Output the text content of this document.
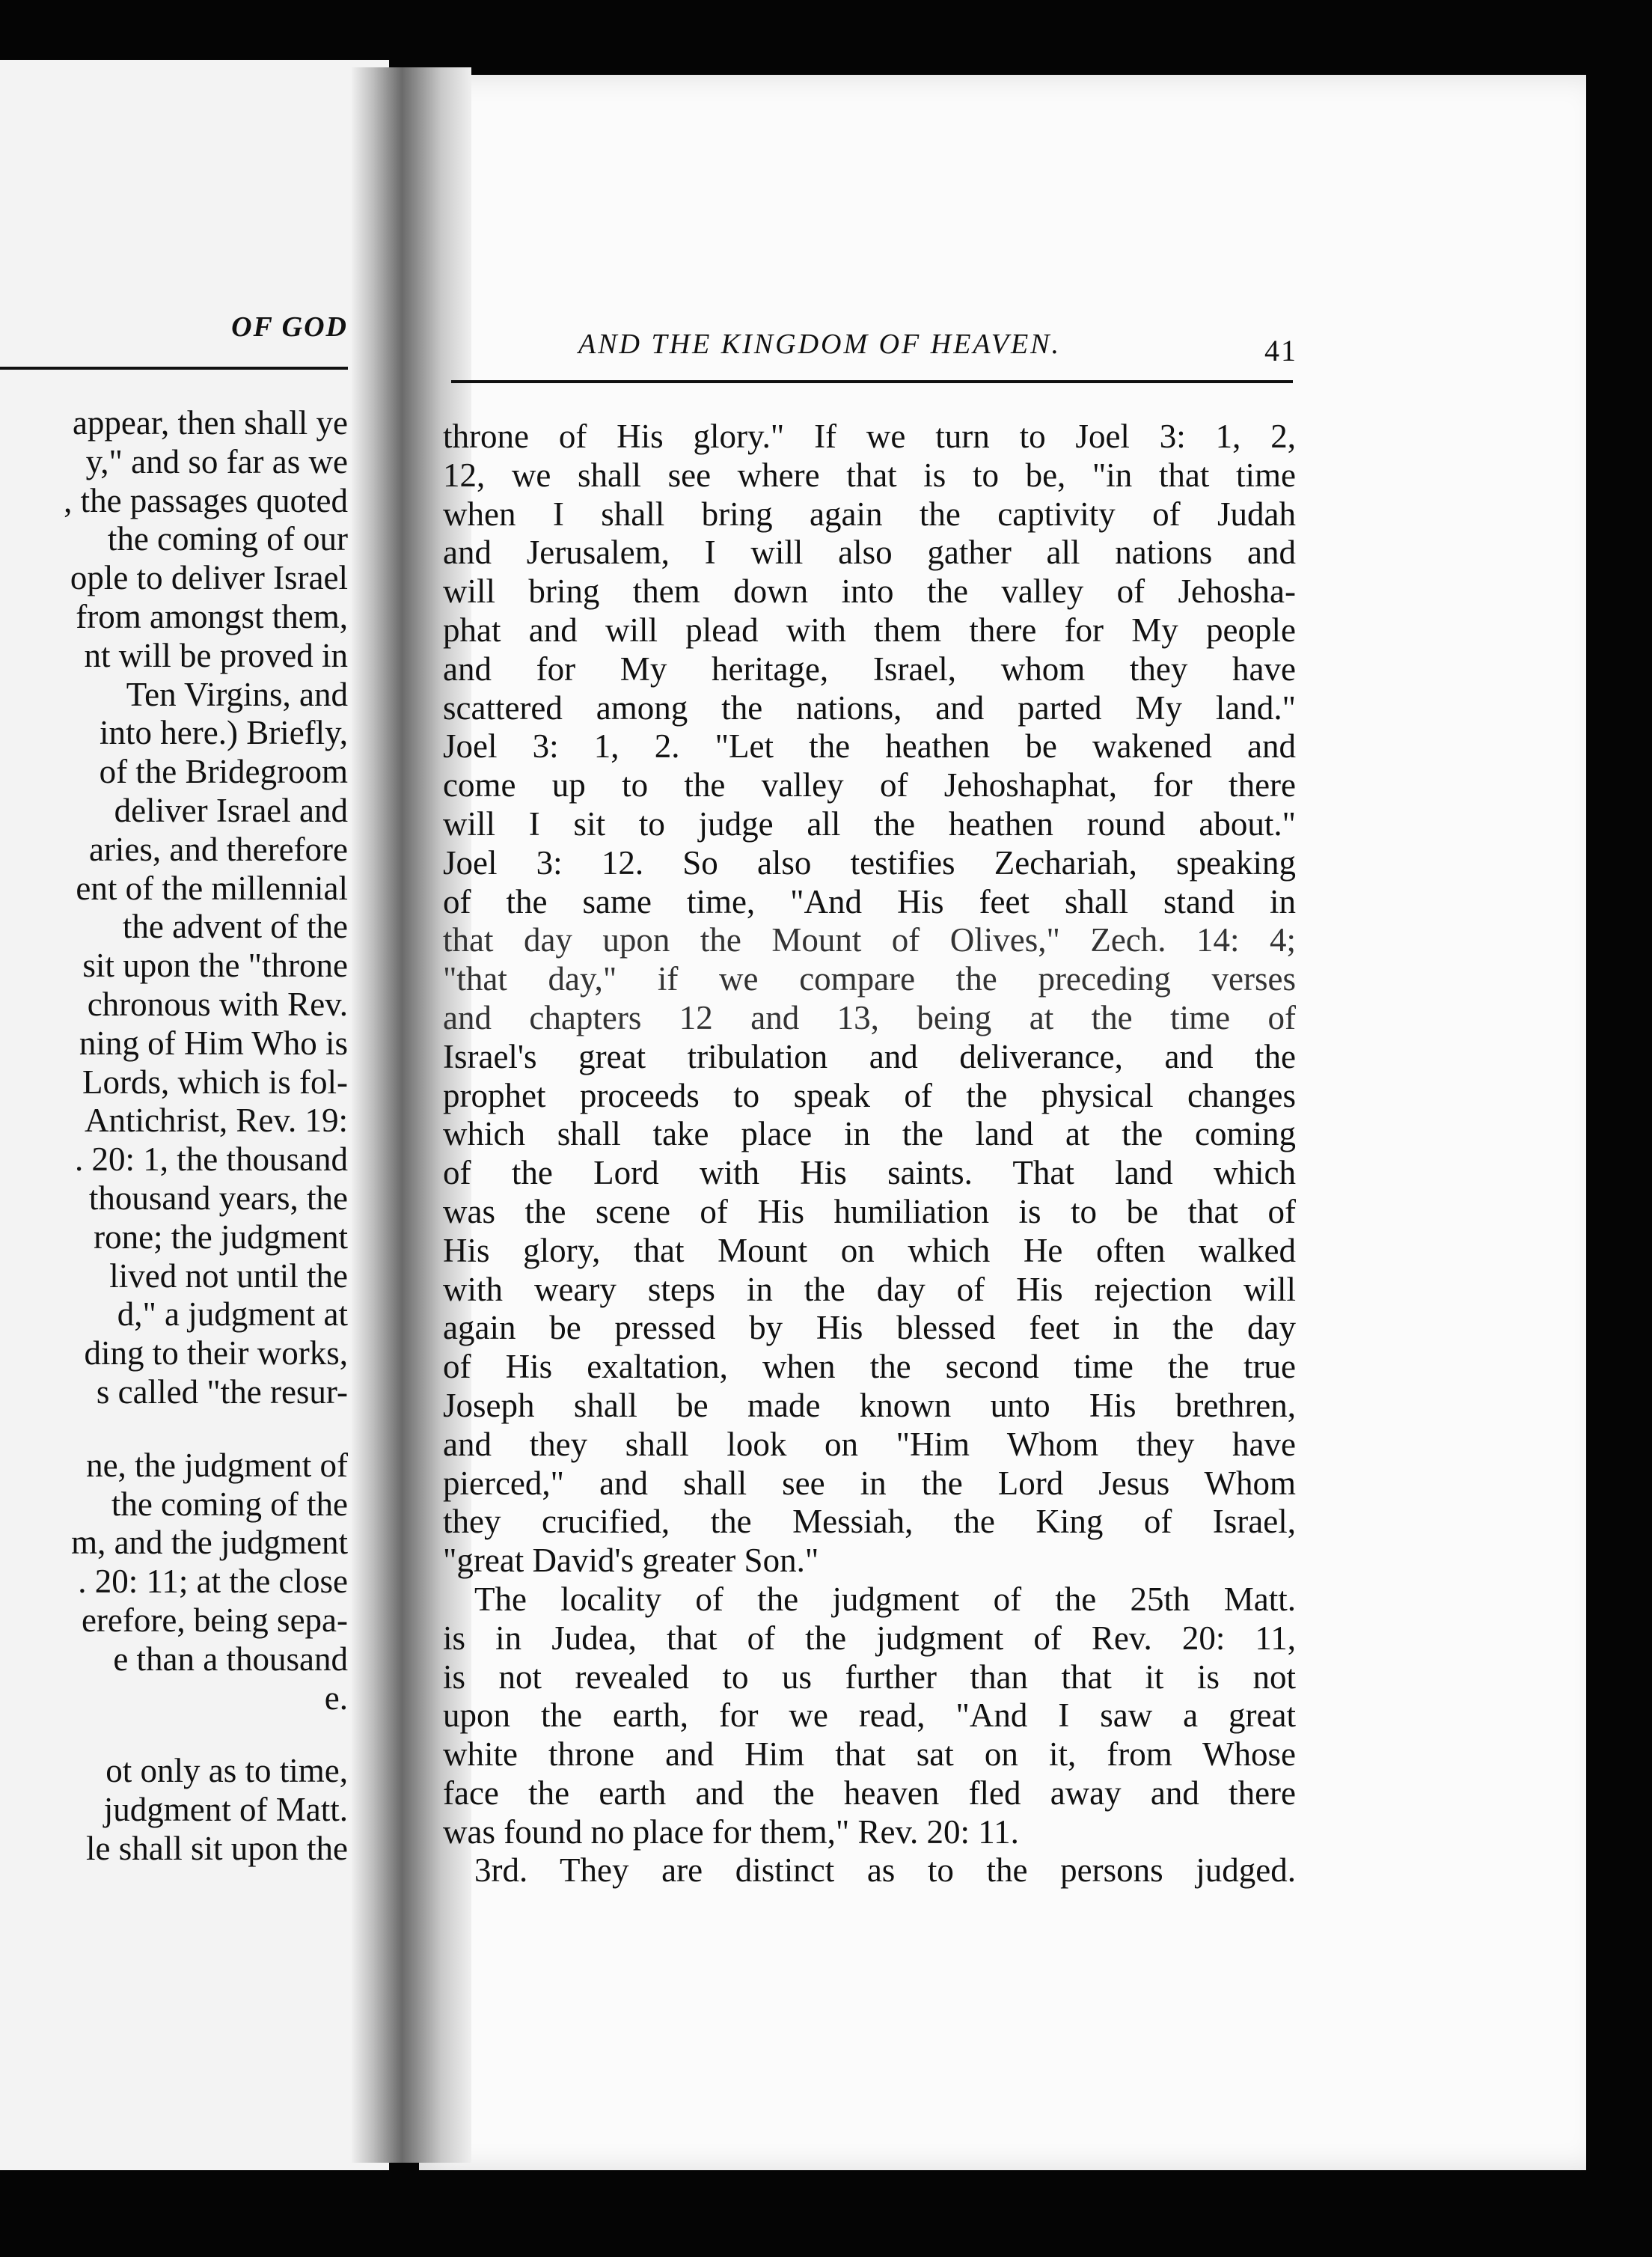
OF GOD
appear, then shall ye
y," and so far as we
, the passages quoted
the coming of our
ople to deliver Israel
from amongst them,
nt will be proved in
Ten Virgins, and
into here.) Briefly,
of the Bridegroom
deliver Israel and
aries, and therefore
ent of the millennial
the advent of the
sit upon the "throne
chronous with Rev.
ning of Him Who is
Lords, which is fol-
Antichrist, Rev. 19:
. 20: 1, the thousand
thousand years, the
rone; the judgment
lived not until the
d," a judgment at
ding to their works,
s called "the resur-
ne, the judgment of
the coming of the
m, and the judgment
. 20: 11; at the close
erefore, being sepa-
e than a thousand
e.
ot only as to time,
judgment of Matt.
le shall sit upon the
AND THE KINGDOM OF HEAVEN.	41
throne of His glory." If we turn to Joel 3: 1, 2,
12, we shall see where that is to be, "in that time
when I shall bring again the captivity of Judah
and Jerusalem, I will also gather all nations and
will bring them down into the valley of Jehosha-
phat and will plead with them there for My people
and for My heritage, Israel, whom they have
scattered among the nations, and parted My land."
Joel 3: 1, 2. "Let the heathen be wakened and
come up to the valley of Jehoshaphat, for there
will I sit to judge all the heathen round about."
Joel 3: 12. So also testifies Zechariah, speaking
of the same time, "And His feet shall stand in
that day upon the Mount of Olives," Zech. 14: 4;
"that day," if we compare the preceding verses
and chapters 12 and 13, being at the time of
Israel's great tribulation and deliverance, and the
prophet proceeds to speak of the physical changes
which shall take place in the land at the coming
of the Lord with His saints. That land which
was the scene of His humiliation is to be that of
His glory, that Mount on which He often walked
with weary steps in the day of His rejection will
again be pressed by His blessed feet in the day
of His exaltation, when the second time the true
Joseph shall be made known unto His brethren,
and they shall look on "Him Whom they have
pierced," and shall see in the Lord Jesus Whom
they crucified, the Messiah, the King of Israel,
"great David's greater Son."
The locality of the judgment of the 25th Matt.
is in Judea, that of the judgment of Rev. 20: 11,
is not revealed to us further than that it is not
upon the earth, for we read, "And I saw a great
white throne and Him that sat on it, from Whose
face the earth and the heaven fled away and there
was found no place for them," Rev. 20: 11.
3rd. They are distinct as to the persons judged.
